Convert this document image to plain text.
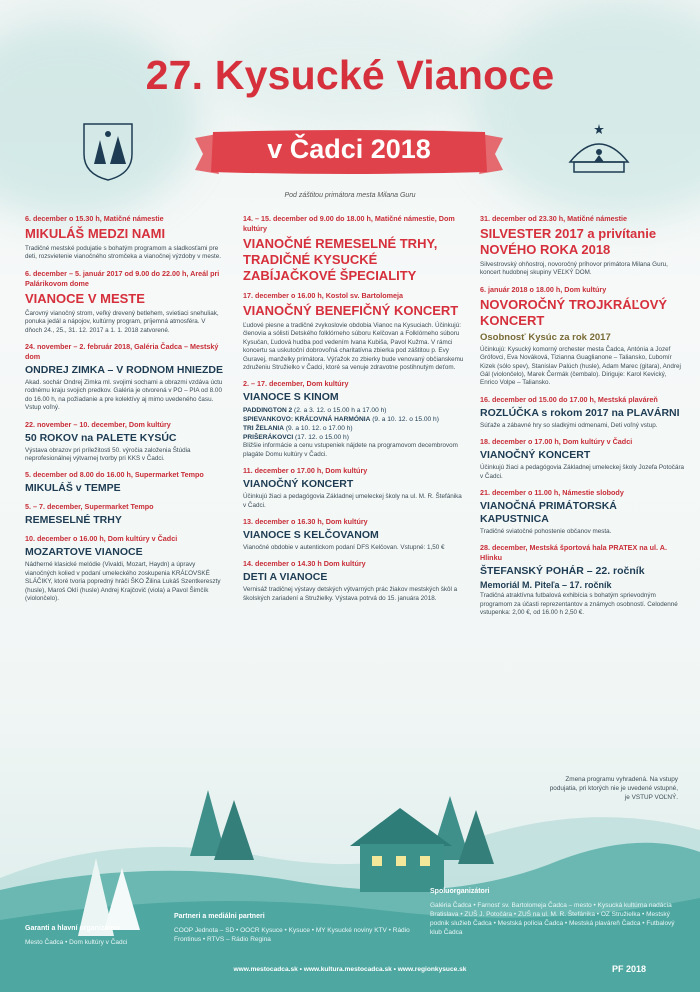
27. Kysucké Vianoce
v Čadci 2018
Pod záštitou primátora mesta Milana Guru
6. december o 15.30 h, Matičné námestie
MIKULÁŠ MEDZI NAMI
Tradičné mestské podujatie s bohatým programom a sladkosťami pre deti, rozsvietenie vianočného stromčeka a vianočnej výzdoby v meste.
6. december – 5. január 2017 od 9.00 do 22.00 h, Areál pri Palárikovom dome
VIANOCE V MESTE
Čarovný vianočný strom, veľký drevený betlehem, svietiaci snehuliak, ponuka jedál a nápojov, kultúrny program, príjemná atmosféra. V dňoch 24., 25., 31. 12. 2017 a 1. 1. 2018 zatvorené.
24. november – 2. február 2018, Galéria Čadca – Mestský dom
ONDREJ ZIMKA – V RODNOM HNIEZDE
Akad. sochár Ondrej Zimka ml. svojimi sochami a obrazmi vzdáva úctu rodnému kraju svojich predkov. Galéria je otvorená v PO – PIA od 8.00 do 16.00 h, na požiadanie a pre kolektívy aj mimo uvedeného času. Vstup voľný.
22. november – 10. december, Dom kultúry
50 ROKOV na PALETE KYSÚC
Výstava obrazov pri príležitosti 50. výročia založenia Štúdia neprofesionálnej výtvarnej tvorby pri KKS v Čadci.
5. december od 8.00 do 16.00 h, Supermarket Tempo
MIKULÁŠ v TEMPE
5. – 7. december, Supermarket Tempo
REMESELNÉ TRHY
10. december o 16.00 h, Dom kultúry v Čadci
MOZARTOVE VIANOCE
Nádherné klasické melódie (Vivaldi, Mozart, Haydn) a úpravy vianočných kolied v podaní umeleckého zoskupenia KRÁĽOVSKÉ SLÁČIKY, ktoré tvoria popredný hráči ŠKO Žilina Lukáš Szentkereszty (husle), Maroš Oklí (husle) Andrej Krajčovič (viola) a Pavol Šimčík (violončelo).
14. – 15. december od 9.00 do 18.00 h, Matičné námestie, Dom kultúry
VIANOČNÉ REMESELNÉ TRHY, TRADIČNÉ KYSUCKÉ ZABÍJAČKOVÉ ŠPECIALITY
17. december o 16.00 h, Kostol sv. Bartolomeja
VIANOČNÝ BENEFIČNÝ KONCERT
Ľudové piesne a tradičné zvykoslovie obdobia Vianoc na Kysuciach. Účinkujú: členovia a sólisti Detského folklórneho súboru Kelčovan a Folklórneho súboru Kysučan, Ľudová hudba pod vedením Ivana Kubiša, Pavol Kužma. V rámci koncertu sa uskutoční dobrovoľná charitatívna zbierka pod záštitou p. Evy Guravej, manželky primátora. Výťažok zo zbierky bude venovaný občianskemu združeniu Stružielko v Čadci, ktoré sa venuje zdravotne postihnutým deťom.
2. – 17. december, Dom kultúry
VIANOCE S KINOM
PADDINGTON 2 (2. a 3. 12. o 15.00 h a 17.00 h)
SPIEVANKOVO: KRÁĽOVNÁ HARMÓNIA (9. a 10. 12. o 15.00 h)
TRI ŽELANIA (9. a 10. 12. o 17.00 h)
PRIŠERÁKOVCI (17. 12. o 15.00 h)
Bližšie informácie a cenu vstupeniek nájdete na programovom decembrovom plagáte Domu kultúry v Čadci.
11. december o 17.00 h, Dom kultúry
VIANOČNÝ KONCERT
Účinkujú žiaci a pedagógovia Základnej umeleckej školy na ul. M. R. Štefánika v Čadci.
13. december o 16.30 h, Dom kultúry
VIANOCE S KELČOVANOM
Vianočné obdobie v autentickom podaní DFS Kelčovan. Vstupné: 1,50 €
14. december o 14.30 h Dom kultúry
DETI A VIANOCE
Vernisáž tradičnej výstavy detských výtvarných prác žiakov mestských škôl a školských zariadení a Stružielky. Výstava potrvá do 15. januára 2018.
31. december od 23.30 h, Matičné námestie
SILVESTER 2017 a privítanie NOVÉHO ROKA 2018
Silvestrovský ohňostroj, novoročný príhovor primátora Milana Guru, koncert hudobnej skupiny VEĽKÝ DOM.
6. január 2018 o 18.00 h, Dom kultúry
NOVOROČNÝ TROJKRÁĽOVÝ KONCERT
Osobnosť Kysúc za rok 2017
Účinkujú: Kysucký komorný orchester mesta Čadca, Antónia a Jozef Grófovci, Eva Nováková, Tizianna Guaglianone – Taliansko, Ľubomír Kizek (sólo spev), Stanislav Palúch (husle), Adam Marec (gitara), Andrej Gál (violončelo), Marek Čermák (čembalo). Diriguje: Karol Kevický, Enrico Volpe – Taliansko.
16. december od 15.00 do 17.00 h, Mestská plaváreň
ROZLÚČKA s rokom 2017 na PLAVÁRNI
Súťaže a zábavné hry so sladkými odmenami, Deti voľný vstup.
18. december o 17.00 h, Dom kultúry v Čadci
VIANOČNÝ KONCERT
Účinkujú žiaci a pedagógovia Základnej umeleckej školy Jozefa Potočára v Čadci.
21. december o 11.00 h, Námestie slobody
VIANOČNÁ PRIMÁTORSKÁ KAPUSTNICA
Tradičné sviatočné pohostenie občanov mesta.
28. december, Mestská športová hala PRATEX na ul. A. Hlinku
ŠTEFANSKÝ POHÁR – 22. ročník
Memoriál M. Piteľa – 17. ročník
Tradičná atraktívna futbalová exhibícia s bohatým sprievodným programom za účasti reprezentantov a známych osobností. Celodenné vstupenka: 2,00 €, od 16.00 h 2,50 €.
Zmena programu vyhradená. Na vstupy podujatia, pri ktorých nie je uvedené vstupné, je VSTUP VOĽNÝ.
Garanti a hlavní organizátori
Mesto Čadca • Dom kultúry v Čadci
Partneri a mediálni partneri
COOP Jednota – SD • OOCR Kysuce • Kysuce • MY Kysucké noviny KTV • Rádio Frontinus • RTVS – Rádio Regina
Spoluorganizátori
Galéria Čadca • Farnosť sv. Bartolomeja Čadca – mesto • Kysucká kultúrna nadácia Bratislava • ZUŠ J. Potočára • ZUŠ na ul. M. R. Štefánika • OZ Stružielka • Mestský podnik služieb Čadca • Mestská polícia Čadca • Mestská plaváreň Čadca • Futbalový klub Čadca
www.mestocadca.sk • www.kultura.mestocadca.sk • www.regionkysuce.sk	PF 2018
